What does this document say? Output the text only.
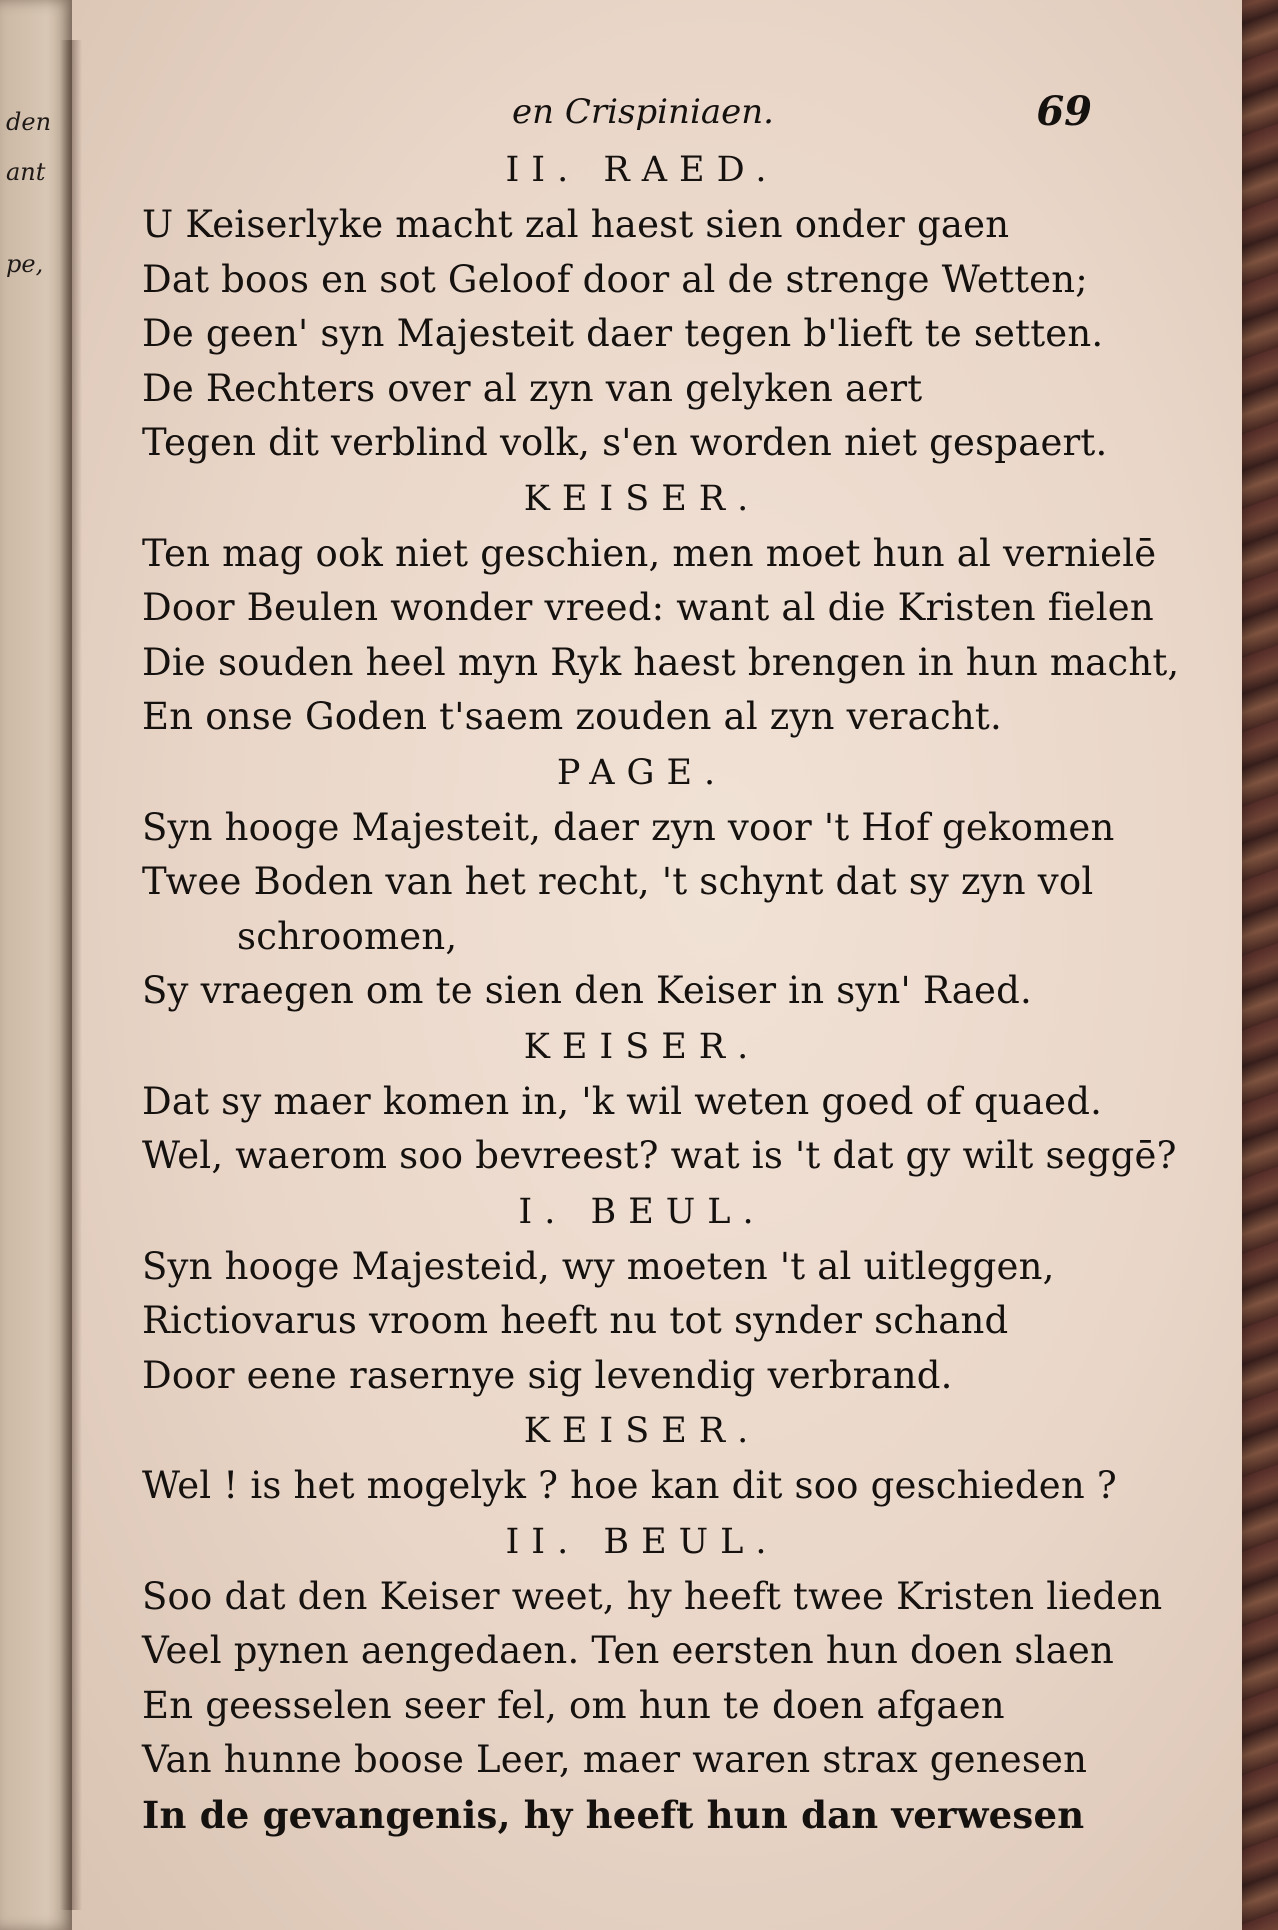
den
ant
pe,
en Crispiniaen.	69
II. RAED.
U Keiserlyke macht zal haest sien onder gaen
Dat boos en sot Geloof door al de strenge Wetten;
De geen' syn Majesteit daer tegen b'lieft te setten.
De Rechters over al zyn van gelyken aert
Tegen dit verblind volk, s'en worden niet gespaert.
KEISER.
Ten mag ook niet geschien, men moet hun al vernielē
Door Beulen wonder vreed: want al die Kristen fielen
Die souden heel myn Ryk haest brengen in hun macht,
En onse Goden t'saem zouden al zyn veracht.
PAGE.
Syn hooge Majesteit, daer zyn voor 't Hof gekomen
Twee Boden van het recht, 't schynt dat sy zyn vol
schroomen,
Sy vraegen om te sien den Keiser in syn' Raed.
KEISER.
Dat sy maer komen in, 'k wil weten goed of quaed.
Wel, waerom soo bevreest? wat is 't dat gy wilt seggē?
I. BEUL.
Syn hooge Majesteid, wy moeten 't al uitleggen,
Rictiovarus vroom heeft nu tot synder schand
Door eene rasernye sig levendig verbrand.
KEISER.
Wel ! is het mogelyk ? hoe kan dit soo geschieden ?
II. BEUL.
Soo dat den Keiser weet, hy heeft twee Kristen lieden
Veel pynen aengedaen. Ten eersten hun doen slaen
En geesselen seer fel, om hun te doen afgaen
Van hunne boose Leer, maer waren strax genesen
In de gevangenis, hy heeft hun dan verwesen
